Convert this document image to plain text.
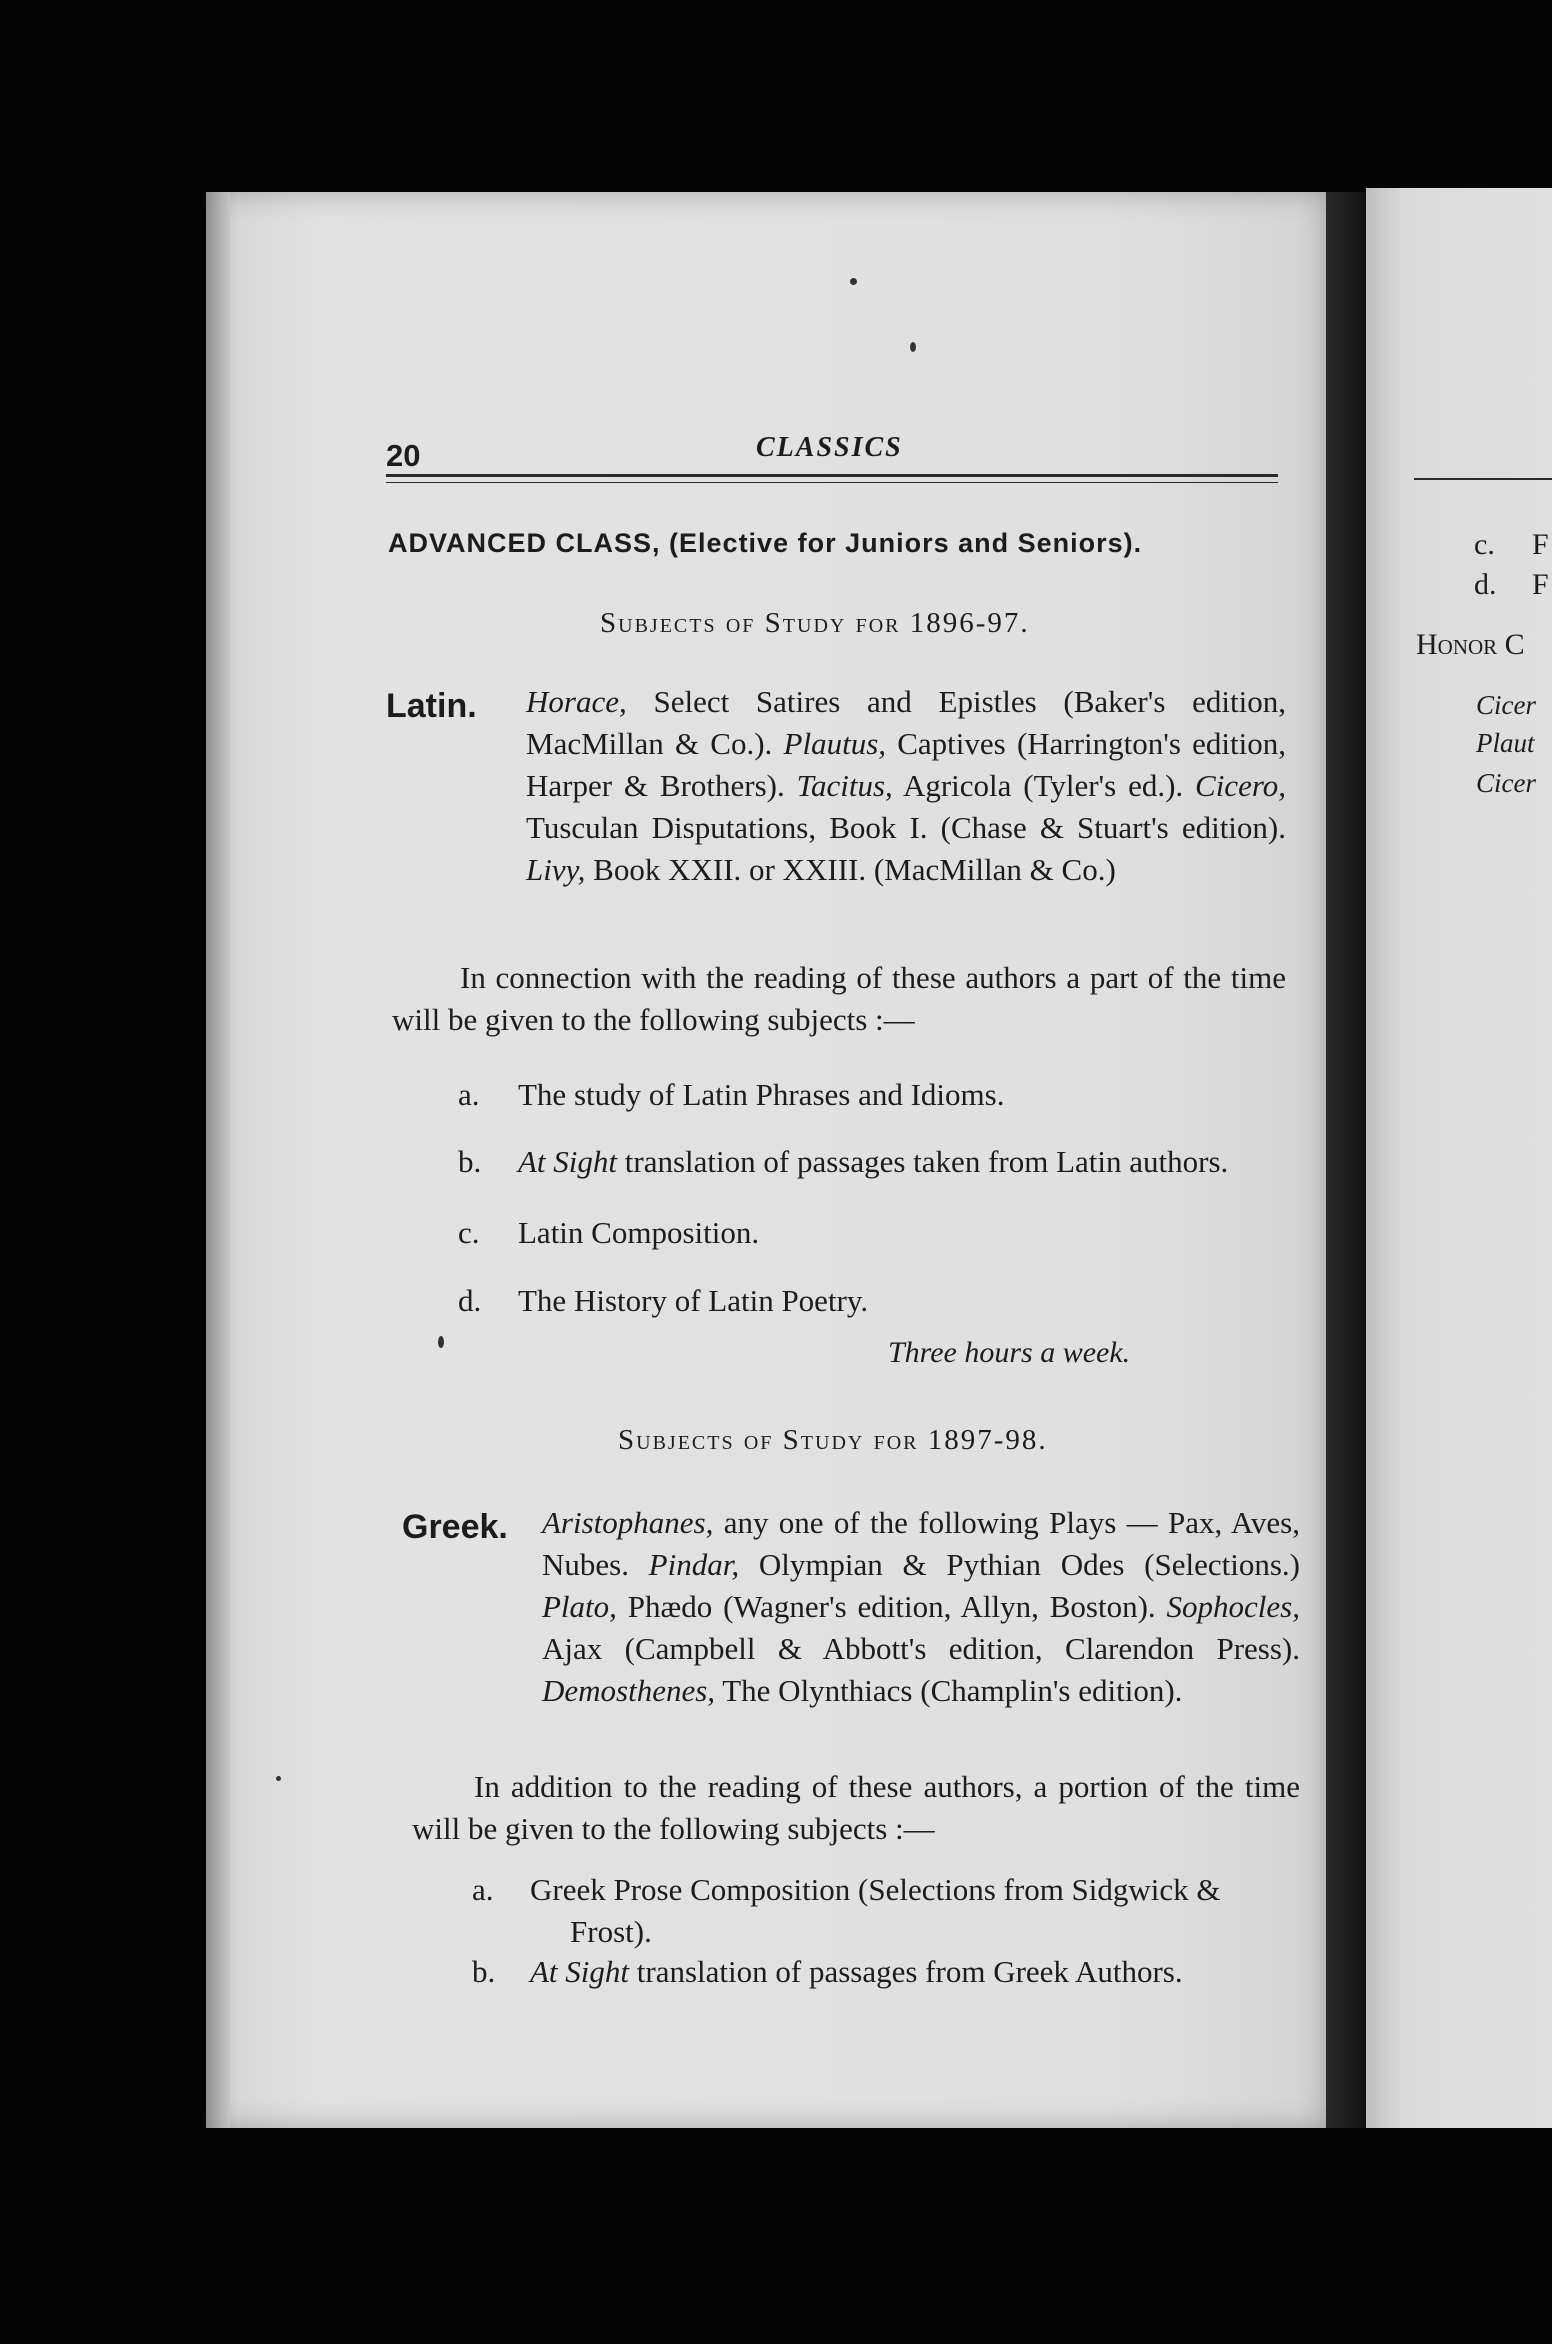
20	CLASSICS
ADVANCED CLASS, (Elective for Juniors and Seniors).
Subjects of Study for 1896-97.
Latin. Horace, Select Satires and Epistles (Baker's edition, MacMillan & Co.). Plautus, Captives (Harrington's edition, Harper & Brothers). Tacitus, Agricola (Tyler's ed.). Cicero, Tusculan Disputations, Book I. (Chase & Stuart's edition). Livy, Book XXII. or XXIII. (MacMillan & Co.)
In connection with the reading of these authors a part of the time will be given to the following subjects :—
a. The study of Latin Phrases and Idioms.
b. At Sight translation of passages taken from Latin authors.
c. Latin Composition.
d. The History of Latin Poetry.
Three hours a week.
Subjects of Study for 1897-98.
Greek. Aristophanes, any one of the following Plays — Pax, Aves, Nubes. Pindar, Olympian & Pythian Odes (Selections.) Plato, Phædo (Wagner's edition, Allyn, Boston). Sophocles, Ajax (Campbell & Abbott's edition, Clarendon Press). Demosthenes, The Olynthiacs (Champlin's edition).
In addition to the reading of these authors, a portion of the time will be given to the following subjects :—
a. Greek Prose Composition (Selections from Sidgwick &
Frost).
b. At Sight translation of passages from Greek Authors.
c. F
d. F
Honor C
Cicer
Plaut
Cicer
